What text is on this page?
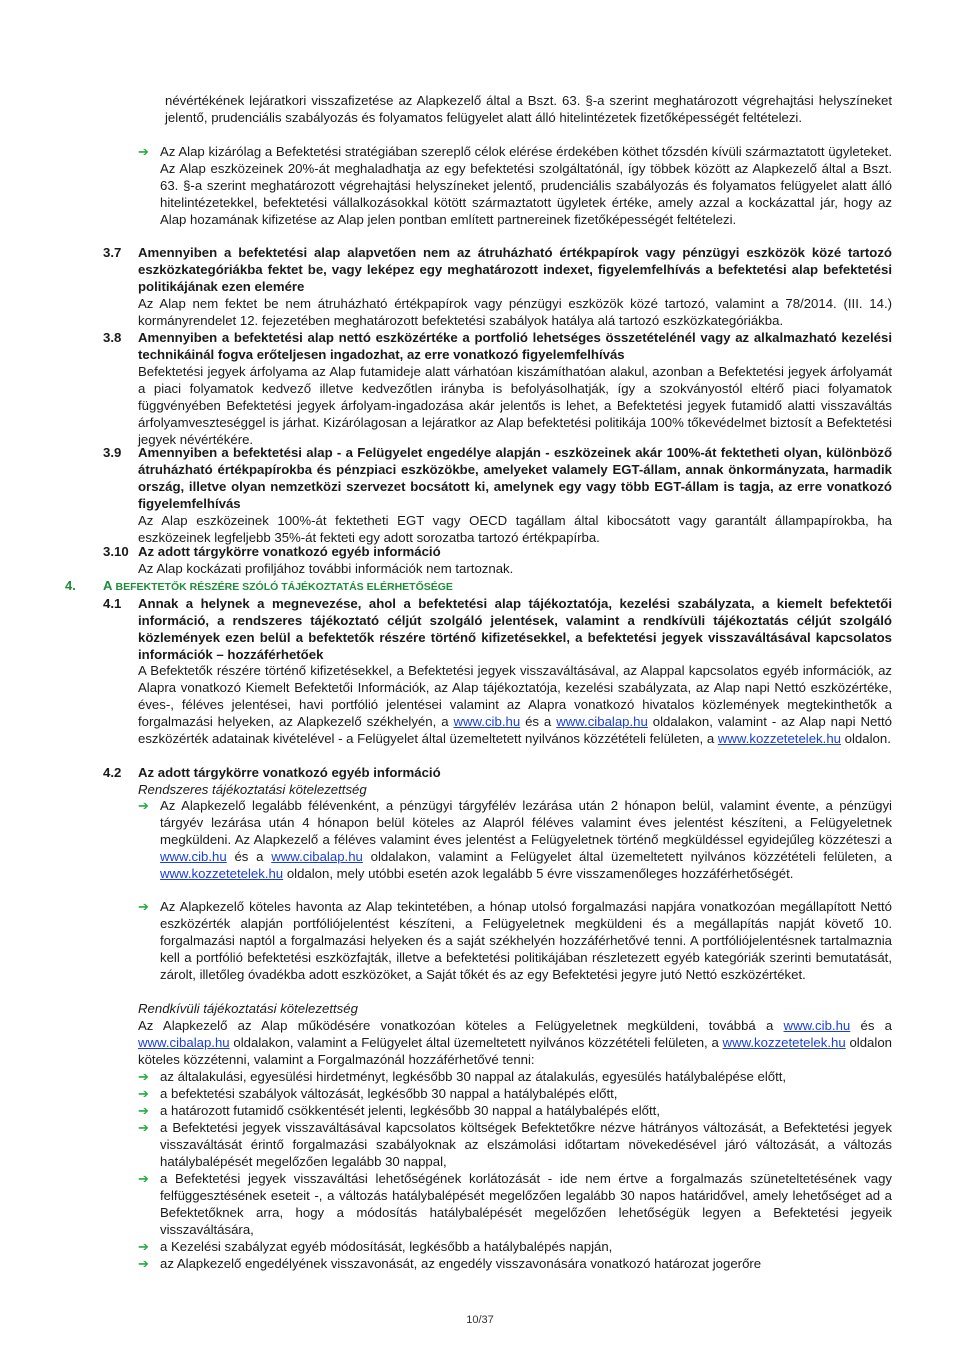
névértékének lejáratkori visszafizetése az Alapkezelő által a Bszt. 63. §-a szerint meghatározott végrehajtási helyszíneket jelentő, prudenciális szabályozás és folyamatos felügyelet alatt álló hitelintézetek fizetőképességét feltételezi.

➔ Az Alap kizárólag a Befektetési stratégiában szereplő célok elérése érdekében köthet tőzsdén kívüli származtatott ügyleteket. Az Alap eszközeinek 20%-át meghaladhatja az egy befektetési szolgáltatónál, így többek között az Alapkezelő által a Bszt. 63. §-a szerint meghatározott végrehajtási helyszíneket jelentő, prudenciális szabályozás és folyamatos felügyelet alatt álló hitelintézetekkel, befektetési vállalkozásokkal kötött származtatott ügyletek értéke, amely azzal a kockázattal jár, hogy az Alap hozamának kifizetése az Alap jelen pontban említett partnereinek fizetőképességét feltételezi.
3.7 Amennyiben a befektetési alap alapvetően nem az átruházható értékpapírok vagy pénzügyi eszközök közé tartozó eszközkategóriákba fektet be, vagy leképez egy meghatározott indexet, figyelemfelhívás a befektetési alap befektetési politikájának ezen elemére

Az Alap nem fektet be nem átruházható értékpapírok vagy pénzügyi eszközök közé tartozó, valamint a 78/2014. (III. 14.) kormányrendelet 12. fejezetében meghatározott befektetési szabályok hatálya alá tartozó eszközkategóriákba.

3.8 Amennyiben a befektetési alap nettó eszközértéke a portfolió lehetséges összetételénél vagy az alkalmazható kezelési technikáinál fogva erőteljesen ingadozhat, az erre vonatkozó figyelemfelhívás

Befektetési jegyek árfolyama az Alap futamideje alatt várhatóan kiszámíthatóan alakul, azonban a Befektetési jegyek árfolyamát a piaci folyamatok kedvező illetve kedvezőtlen irányba is befolyásolhatják, így a szokványostól eltérő piaci folyamatok függvényében Befektetési jegyek árfolyam-ingadozása akár jelentős is lehet, a Befektetési jegyek futamidő alatti visszaváltás árfolyamveszteséggel is járhat. Kizárólagosan a lejáratkor az Alap befektetési politikája 100% tőkevédelmet biztosít a Befektetési jegyek névértékére.

3.9 Amennyiben a befektetési alap - a Felügyelet engedélye alapján - eszközeinek akár 100%-át fektetheti olyan, különböző átruházható értékpapírokba és pénzpiaci eszközökbe, amelyeket valamely EGT-állam, annak önkormányzata, harmadik ország, illetve olyan nemzetközi szervezet bocsátott ki, amelynek egy vagy több EGT-állam is tagja, az erre vonatkozó figyelemfelhívás

Az Alap eszközeinek 100%-át fektetheti EGT vagy OECD tagállam által kibocsátott vagy garantált állampapírokba, ha eszközeinek legfeljebb 35%-át fekteti egy adott sorozatba tartozó értékpapírba.

3.10 Az adott tárgykörre vonatkozó egyéb információ

Az Alap kockázati profiljához további információk nem tartoznak.

4. A BEFEKTETŐK RÉSZÉRE SZÓLÓ TÁJÉKOZTATÁS ELÉRHETŐSÉGE
4.1 Annak a helynek a megnevezése, ahol a befektetési alap tájékoztatója, kezelési szabályzata, a kiemelt befektetői információ, a rendszeres tájékoztató céljút szolgáló jelentések, valamint a rendkívüli tájékoztatás céljút szolgáló közlemények ezen belül a befektetők részére történő kifizetésekkel, a befektetési jegyek visszaváltásával kapcsolatos információk – hozzáférhetőek

A Befektetők részére történő kifizetésekkel, a Befektetési jegyek visszaváltásával, az Alappal kapcsolatos egyéb információk, az Alapra vonatkozó Kiemelt Befektetői Információk, az Alap tájékoztatója, kezelési szabályzata, az Alap napi Nettó eszközértéke, éves-, féléves jelentései, havi portfólió jelentései valamint az Alapra vonatkozó hivatalos közlemények megtekinthetők a forgalmazási helyeken, az Alapkezelő székhelyén, a www.cib.hu és a www.cibalap.hu oldalakon, valamint - az Alap napi Nettó eszközérték adatainak kivételével - a Felügyelet által üzemeltetett nyilvános közzétételi felületen, a www.kozzetetelek.hu oldalon.

4.2 Az adott tárgykörre vonatkozó egyéb információ

Rendszeres tájékoztatási kötelezettség

➔ Az Alapkezelő legalább félévenként, a pénzügyi tárgyfélév lezárása után 2 hónapon belül, valamint évente, a pénzügyi tárgyév lezárása után 4 hónapon belül köteles az Alapról féléves valamint éves jelentést készíteni, a Felügyeletnek megküldeni. Az Alapkezelő a féléves valamint éves jelentést a Felügyeletnek történő megküldéssel egyidejűleg közzéteszi a www.cib.hu és a www.cibalap.hu oldalakon, valamint a Felügyelet által üzemeltetett nyilvános közzétételi felületen, a www.kozzetetelek.hu oldalon, mely utóbbi esetén azok legalább 5 évre visszamenőleges hozzáférhetőségét.
➔ Az Alapkezelő köteles havonta az Alap tekintetében, a hónap utolsó forgalmazási napjára vonatkozóan megállapított Nettó eszközérték alapján portfóliójelentést készíteni, a Felügyeletnek megküldeni és a megállapítás napját követő 10. forgalmazási naptól a forgalmazási helyeken és a saját székhelyén hozzáférhetővé tenni. A portfóliójelentésnek tartalmaznia kell a portfólió befektetési eszközfajták, illetve a befektetési politikájában részletezett egyéb kategóriák szerinti bemutatását, zárolt, illetőleg óvadékba adott eszközöket, a Saját tőkét és az egy Befektetési jegyre jutó Nettó eszközértéket.

Rendkívüli tájékoztatási kötelezettség

Az Alapkezelő az Alap működésére vonatkozóan köteles a Felügyeletnek megküldeni, továbbá a www.cib.hu és a www.cibalap.hu oldalakon, valamint a Felügyelet által üzemeltetett nyilvános közzétételi felületen, a www.kozzetetelek.hu oldalon köteles közzétenni, valamint a Forgalmazónál hozzáférhetővé tenni:

➔ az általakulási, egyesülési hirdetményt, legkésőbb 30 nappal az átalakulás, egyesülés hatálybalépése előtt,
➔ a befektetési szabályok változását, legkésőbb 30 nappal a hatálybalépés előtt,
➔ a határozott futamidő csökkentését jelenti, legkésőbb 30 nappal a hatálybalépés előtt,
➔ a Befektetési jegyek visszaváltásával kapcsolatos költségek Befektetőkre nézve hátrányos változását, a Befektetési jegyek visszaváltását érintő forgalmazási szabályoknak az elszámolási időtartam növekedésével járó változását, a változás hatálybalépését megelőzően legalább 30 nappal,
➔ a Befektetési jegyek visszaváltási lehetőségének korlátozását - ide nem értve a forgalmazás szüneteltetésének vagy felfüggesztésének eseteit -, a változás hatálybalépését megelőzően legalább 30 napos határidővel, amely lehetőséget ad a Befektetőknek arra, hogy a módosítás hatálybalépését megelőzően lehetőségük legyen a Befektetési jegyeik visszaváltására,
➔ a Kezelési szabályzat egyéb módosítását, legkésőbb a hatálybalépés napján,
➔ az Alapkezelő engedélyének visszavonását, az engedély visszavonására vonatkozó határozat jogerőre
10/37
